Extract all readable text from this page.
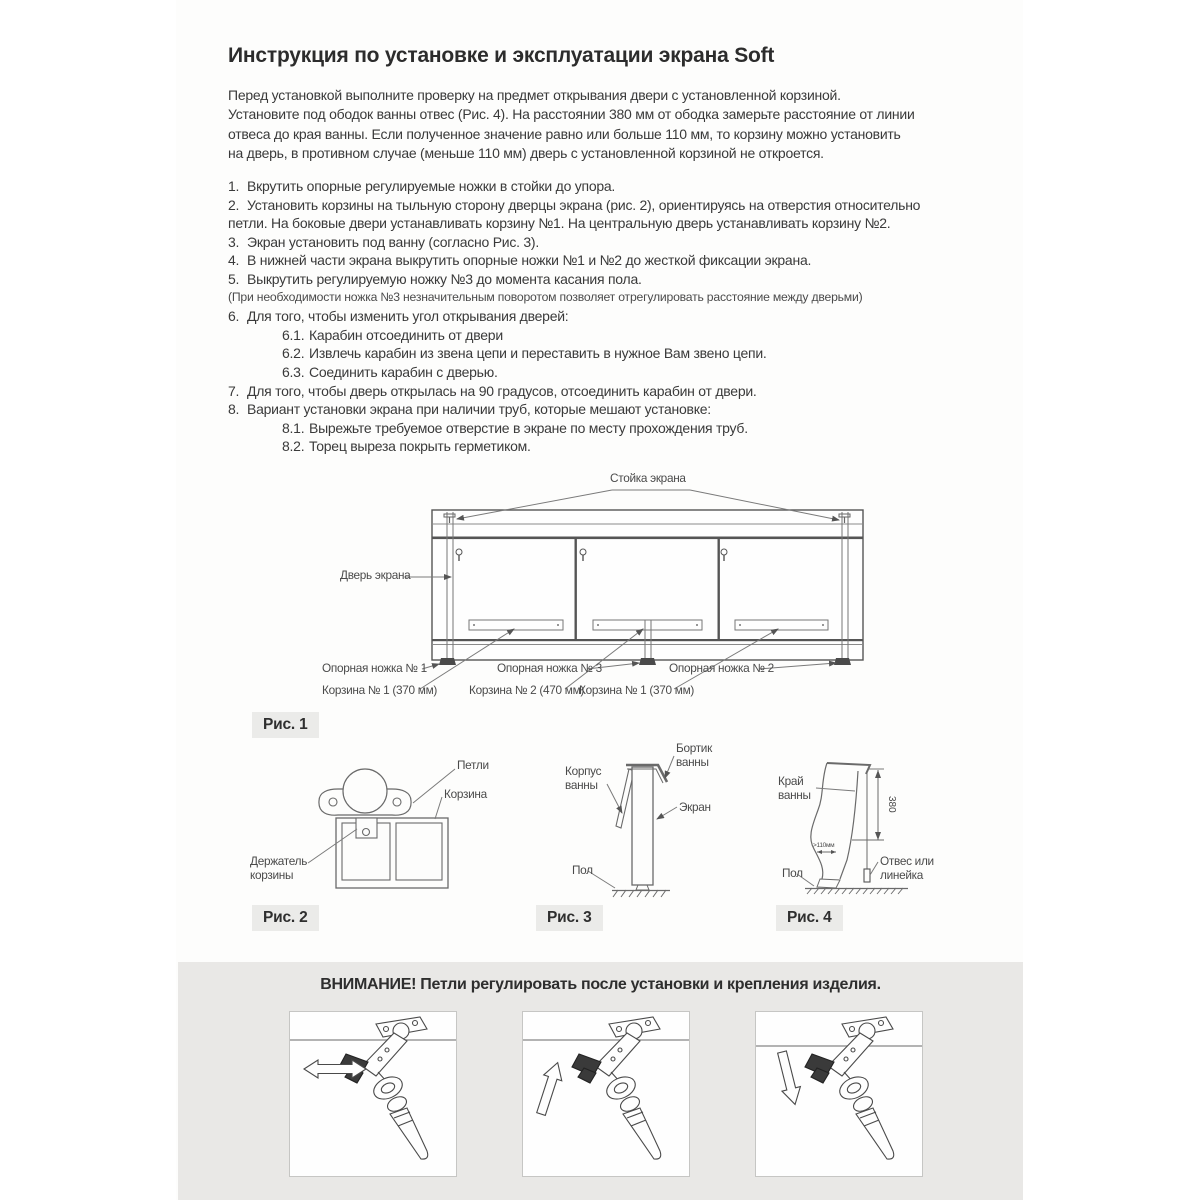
Инструкция по установке и эксплуатации экрана Soft
Перед установкой выполните проверку на предмет открывания двери с установленной корзиной.
Установите под ободок ванны отвес (Рис. 4). На расстоянии 380 мм от ободка замерьте расстояние от линии
отвеса до края ванны. Если полученное значение равно или больше 110 мм, то корзину можно установить
на дверь, в противном случае (меньше 110 мм) дверь с установленной корзиной не откроется.
1. Вкрутить опорные регулируемые ножки в стойки до упора.
2. Установить корзины на тыльную сторону дверцы экрана (рис. 2), ориентируясь на отверстия относительно
петли. На боковые двери устанавливать корзину №1. На центральную дверь устанавливать корзину №2.
3. Экран установить под ванну (согласно Рис. 3).
4. В нижней части экрана выкрутить опорные ножки №1 и №2 до жесткой фиксации экрана.
5. Выкрутить регулируемую ножку №3 до момента касания пола.
(При необходимости ножка №3 незначительным поворотом позволяет отрегулировать расстояние между дверьми)
6. Для того, чтобы изменить угол открывания дверей:
6.1. Карабин отсоединить от двери
6.2. Извлечь карабин из звена цепи и переставить в нужное Вам звено цепи.
6.3. Соединить карабин с дверью.
7. Для того, чтобы дверь открылась на 90 градусов, отсоединить карабин от двери.
8. Вариант установки экрана при наличии труб, которые мешают установке:
8.1. Вырежьте требуемое отверстие в экране по месту прохождения труб.
8.2. Торец выреза покрыть герметиком.
Стойка экрана
Дверь экрана
Опорная ножка № 1	Опорная ножка № 3	Опорная ножка № 2
Корзина № 1 (370 мм)	Корзина № 2 (470 мм)
Корзина № 1 (370 мм)
Рис. 1
Петли
Корзина
Держатель корзины
Рис. 2
Бортик ванны
Корпус ванны
Экран
Пол
Рис. 3
380
>110мм
Край ванны
Отвес или линейка
Пол
Рис. 4
ВНИМАНИЕ! Петли регулировать после установки и крепления изделия.
